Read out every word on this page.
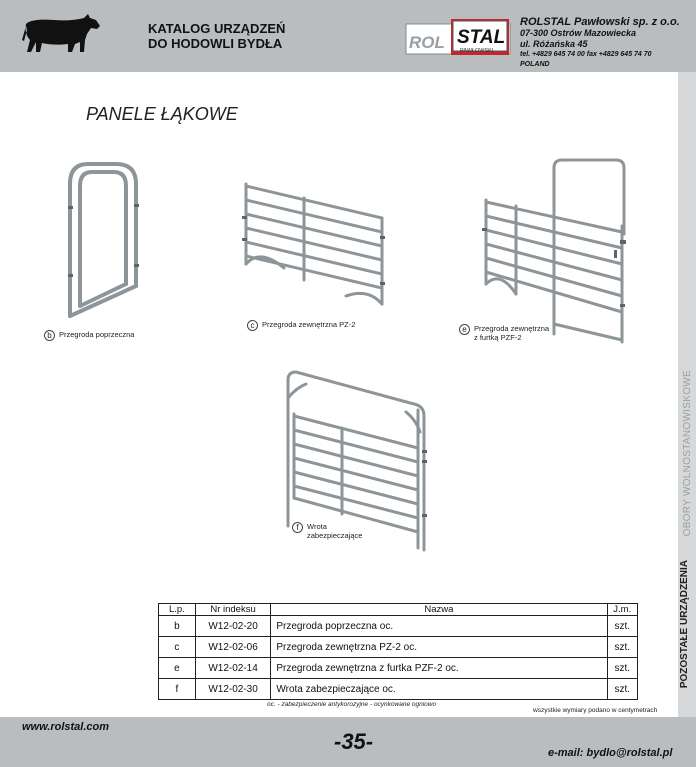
KATALOG URZĄDZEŃ
DO HODOWLI BYDŁA	ROL STAL
PAWŁOWSKI
ROLSTAL Pawłowski sp. z o.o.
07-300 Ostrów Mazowiecka
ul. Różańska 45
tel. +4829 645 74 00 fax +4829 645 74 70
POLAND
OBORY WOLNOSTANOWISKOWE
POZOSTAŁE URZĄDZENIA
PANELE ŁĄKOWE
b Przegroda poprzeczna
c	Przegroda zewnętrzna PZ-2
e Przegroda zewnętrzna
z furtką PZF-2
f	Wrota
zabezpieczające
L.p.	Nr indeksu	Nazwa	J.m.
b	W12-02-20	Przegroda poprzeczna oc.	szt.
c	W12-02-06	Przegroda zewnętrzna PZ-2 oc.	szt.
e	W12-02-14	Przegroda zewnętrzna z furtka PZF-2 oc.	szt.
f	W12-02-30	Wrota zabezpieczające oc.	szt.
oc. - zabezpieczenie antykorozyjne - ocynkowane ogniowo
wszystkie wymiary podano w centymetrach
www.rolstal.com
-35-	e-mail: bydlo@rolstal.pl
